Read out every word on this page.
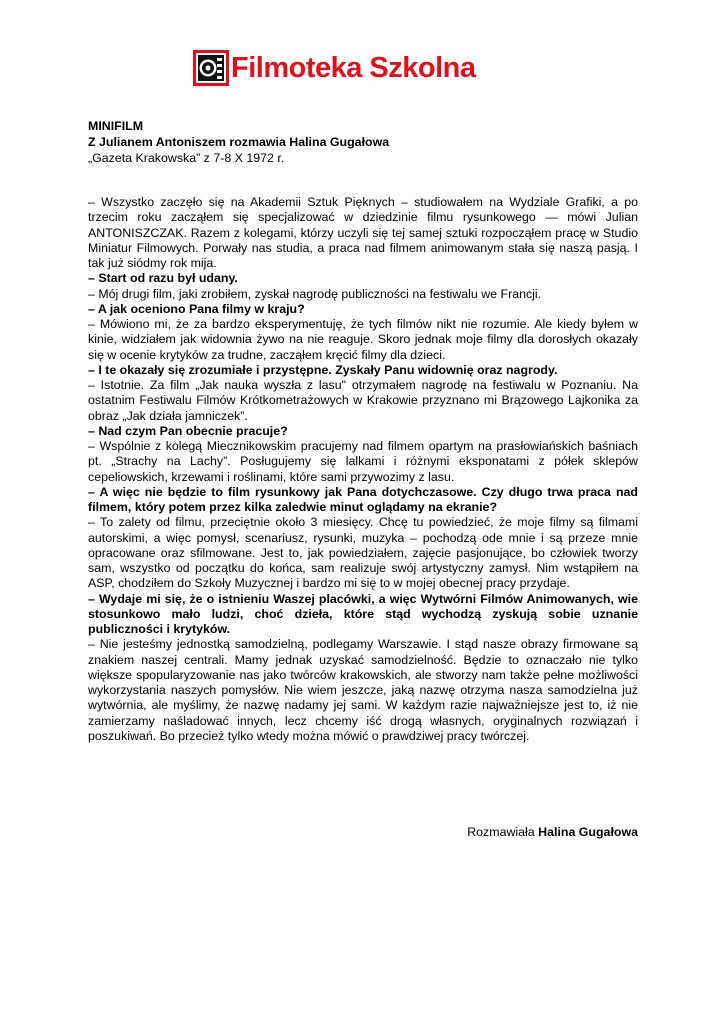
Filmoteka Szkolna
MINIFILM
Z Julianem Antoniszem rozmawia Halina Gugałowa
„Gazeta Krakowska” z 7-8 X 1972 r.

– Wszystko zaczęło się na Akademii Sztuk Pięknych – studiowałem na Wydziale Grafiki, a po trzecim roku zacząłem się specjalizować w dziedzinie filmu rysunkowego — mówi Julian ANTONISZCZAK. Razem z kolegami, którzy uczyli się tej samej sztuki rozpocząłem pracę w Studio Miniatur Filmowych. Porwały nas studia, a praca nad filmem animowanym stała się naszą pasją. I tak już siódmy rok mija.

– Start od razu był udany.

– Mój drugi film, jaki zrobiłem, zyskał nagrodę publiczności na festiwalu we Francji.

– A jak oceniono Pana filmy w kraju?

– Mówiono mi, że za bardzo eksperymentuję, że tych filmów nikt nie rozumie. Ale kiedy byłem w kinie, widziałem jak widownia żywo na nie reaguje. Skoro jednak moje filmy dla dorosłych okazały się w ocenie krytyków za trudne, zacząłem kręcić filmy dla dzieci.

– I te okazały się zrozumiałe i przystępne. Zyskały Panu widownię oraz nagrody.

– Istotnie. Za film „Jak nauka wyszła z lasu" otrzymałem nagrodę na festiwalu w Poznaniu. Na ostatnim Festiwalu Filmów Krótkometrażowych w Krakowie przyznano mi Brązowego Lajkonika za obraz „Jak działa jamniczek”.

– Nad czym Pan obecnie pracuje?

– Wspólnie z kolegą Miecznikowskim pracujemy nad filmem opartym na prasłowiańskich baśniach pt. „Strachy na Lachy”. Posługujemy się lalkami i różnymi eksponatami z półek sklepów cepeliowskich, krzewami i roślinami, które sami przywozimy z lasu.

– A więc nie będzie to film rysunkowy jak Pana dotychczasowe. Czy długo trwa praca nad filmem, który potem przez kilka zaledwie minut oglądamy na ekranie?

– To zalety od filmu, przeciętnie około 3 miesięcy. Chcę tu powiedzieć, że moje filmy są filmami autorskimi, a więc pomysł, scenariusz, rysunki, muzyka – pochodzą ode mnie i są przeze mnie opracowane oraz sfilmowane. Jest to, jak powiedziałem, zajęcie pasjonujące, bo człowiek tworzy sam, wszystko od początku do końca, sam realizuje swój artystyczny zamysł. Nim wstąpiłem na ASP, chodziłem do Szkoły Muzycznej i bardzo mi się to w mojej obecnej pracy przydaje.

– Wydaje mi się, że o istnieniu Waszej placówki, a więc Wytwórni Filmów Animowanych, wie stosunkowo mało ludzi, choć dzieła, które stąd wychodzą zyskują sobie uznanie publiczności i krytyków.

– Nie jesteśmy jednostką samodzielną, podlegamy Warszawie. I stąd nasze obrazy firmowane są znakiem naszej centrali. Mamy jednak uzyskać samodzielność. Będzie to oznaczało nie tylko większe spopularyzowanie nas jako twórców krakowskich, ale stworzy nam także pełne możliwości wykorzystania naszych pomysłów. Nie wiem jeszcze, jaką nazwę otrzyma nasza samodzielna już wytwórnia, ale myślimy, że nazwę nadamy jej sami. W każdym razie najważniejsze jest to, iż nie zamierzamy naśladować innych, lecz chcemy iść drogą własnych, oryginalnych rozwiązań i poszukiwań. Bo przecież tylko wtedy można mówić o prawdziwej pracy twórczej.

Rozmawiała Halina Gugałowa
